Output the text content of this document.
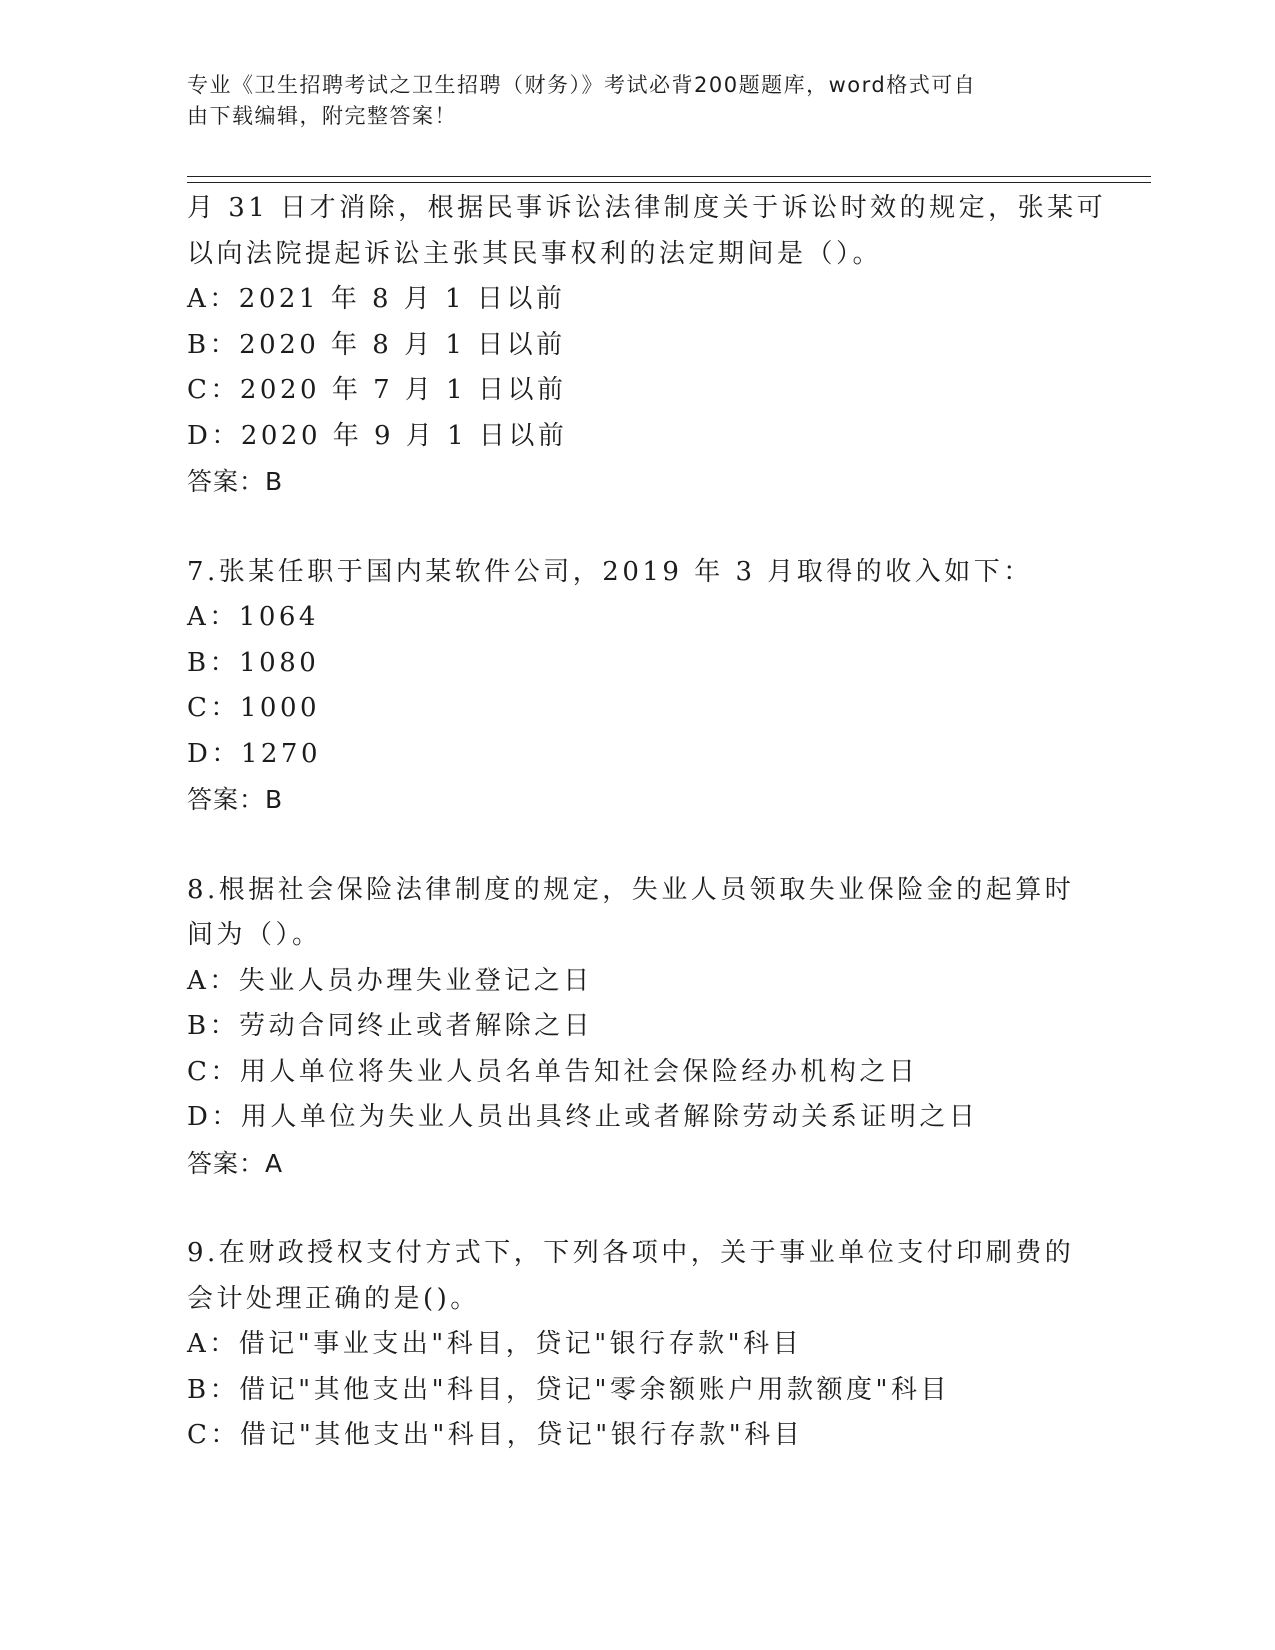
专业《卫生招聘考试之卫生招聘（财务）》考试必背200题题库，word格式可自
由下载编辑，附完整答案！
月 31 日才消除，根据民事诉讼法律制度关于诉讼时效的规定，张某可
以向法院提起诉讼主张其民事权利的法定期间是（）。
A：2021 年 8 月 1 日以前
B：2020 年 8 月 1 日以前
C：2020 年 7 月 1 日以前
D：2020 年 9 月 1 日以前
答案：B
7.张某任职于国内某软件公司，2019 年 3 月取得的收入如下：
A：1064
B：1080
C：1000
D：1270
答案：B
8.根据社会保险法律制度的规定，失业人员领取失业保险金的起算时
间为（）。
A：失业人员办理失业登记之日
B：劳动合同终止或者解除之日
C：用人单位将失业人员名单告知社会保险经办机构之日
D：用人单位为失业人员出具终止或者解除劳动关系证明之日
答案：A
9.在财政授权支付方式下，下列各项中，关于事业单位支付印刷费的
会计处理正确的是()。
A：借记"事业支出"科目，贷记"银行存款"科目
B：借记"其他支出"科目，贷记"零余额账户用款额度"科目
C：借记"其他支出"科目，贷记"银行存款"科目
